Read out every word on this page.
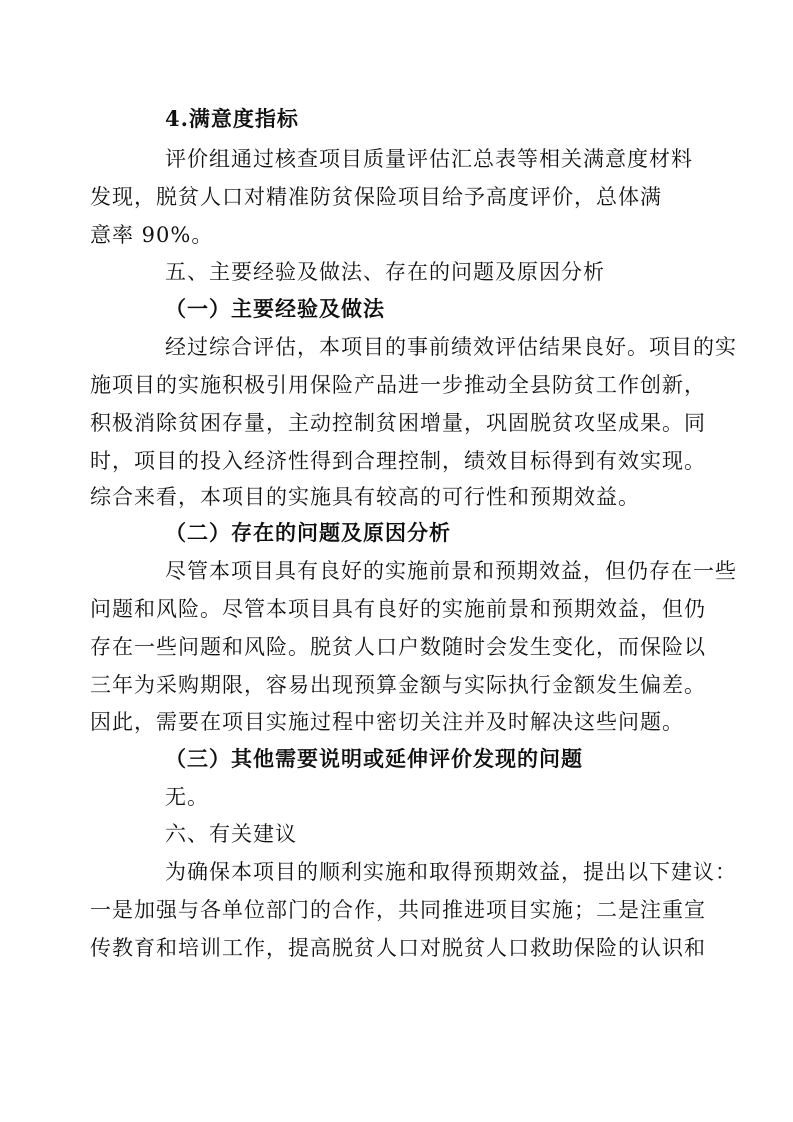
4.满意度指标
评价组通过核查项目质量评估汇总表等相关满意度材料
发现，脱贫人口对精准防贫保险项目给予高度评价，总体满
意率 90%。
五、主要经验及做法、存在的问题及原因分析
（一）主要经验及做法
经过综合评估，本项目的事前绩效评估结果良好。项目的实
施项目的实施积极引用保险产品进一步推动全县防贫工作创新，
积极消除贫困存量，主动控制贫困增量，巩固脱贫攻坚成果。同
时，项目的投入经济性得到合理控制，绩效目标得到有效实现。
综合来看，本项目的实施具有较高的可行性和预期效益。
（二）存在的问题及原因分析
尽管本项目具有良好的实施前景和预期效益，但仍存在一些
问题和风险。尽管本项目具有良好的实施前景和预期效益，但仍
存在一些问题和风险。脱贫人口户数随时会发生变化，而保险以
三年为采购期限，容易出现预算金额与实际执行金额发生偏差。
因此，需要在项目实施过程中密切关注并及时解决这些问题。
（三）其他需要说明或延伸评价发现的问题
无。
六、有关建议
为确保本项目的顺利实施和取得预期效益，提出以下建议：
一是加强与各单位部门的合作，共同推进项目实施；二是注重宣
传教育和培训工作，提高脱贫人口对脱贫人口救助保险的认识和
